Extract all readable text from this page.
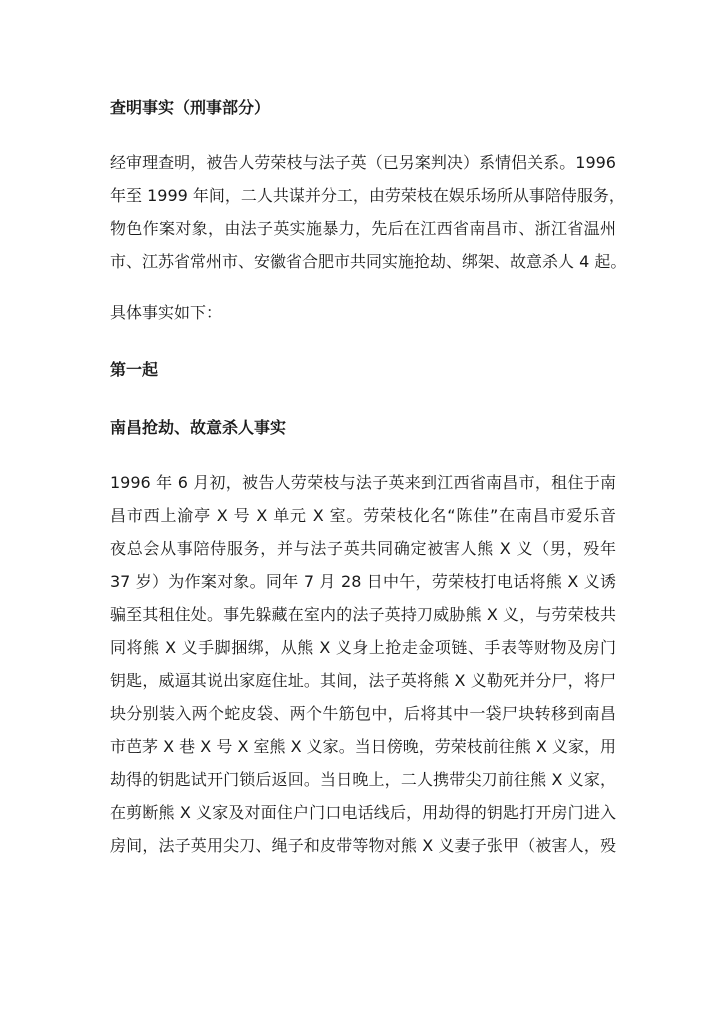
查明事实（刑事部分）
经审理查明，被告人劳荣枝与法子英（已另案判决）系情侣关系。1996
年至 1999 年间，二人共谋并分工，由劳荣枝在娱乐场所从事陪侍服务，
物色作案对象，由法子英实施暴力，先后在江西省南昌市、浙江省温州
市、江苏省常州市、安徽省合肥市共同实施抢劫、绑架、故意杀人 4 起。
具体事实如下：
第一起
南昌抢劫、故意杀人事实
1996 年 6 月初，被告人劳荣枝与法子英来到江西省南昌市，租住于南
昌市西上渝亭 X 号 X 单元 X 室。劳荣枝化名“陈佳”在南昌市爱乐音
夜总会从事陪侍服务，并与法子英共同确定被害人熊 X 义（男，殁年
37 岁）为作案对象。同年 7 月 28 日中午，劳荣枝打电话将熊 X 义诱
骗至其租住处。事先躲藏在室内的法子英持刀威胁熊 X 义，与劳荣枝共
同将熊 X 义手脚捆绑，从熊 X 义身上抢走金项链、手表等财物及房门
钥匙，威逼其说出家庭住址。其间，法子英将熊 X 义勒死并分尸，将尸
块分别装入两个蛇皮袋、两个牛筋包中，后将其中一袋尸块转移到南昌
市芭茅 X 巷 X 号 X 室熊 X 义家。当日傍晚，劳荣枝前往熊 X 义家，用
劫得的钥匙试开门锁后返回。当日晚上，二人携带尖刀前往熊 X 义家，
在剪断熊 X 义家及对面住户门口电话线后，用劫得的钥匙打开房门进入
房间，法子英用尖刀、绳子和皮带等物对熊 X 义妻子张甲（被害人，殁
